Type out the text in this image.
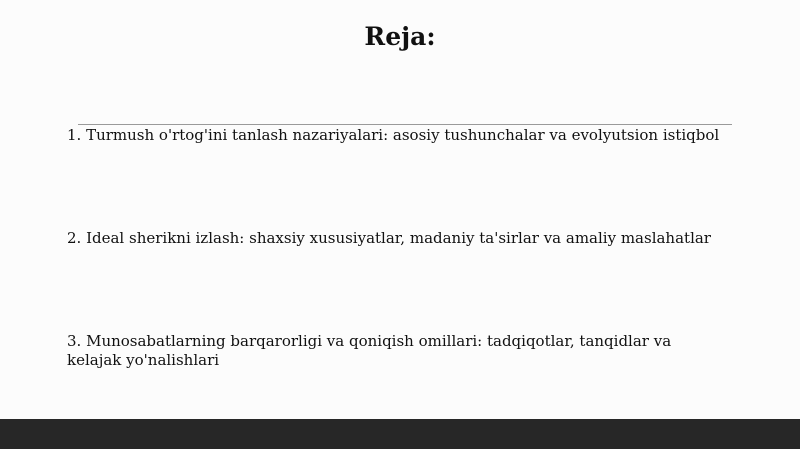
Reja:

1. Turmush o'rtog'ini tanlash nazariyalari: asosiy tushunchalar va evolyutsion istiqbol

2. Ideal sherikni izlash: shaxsiy xususiyatlar, madaniy ta'sirlar va amaliy maslahatlar

3. Munosabatlarning barqarorligi va qoniqish omillari: tadqiqotlar, tanqidlar va kelajak yo'nalishlari
